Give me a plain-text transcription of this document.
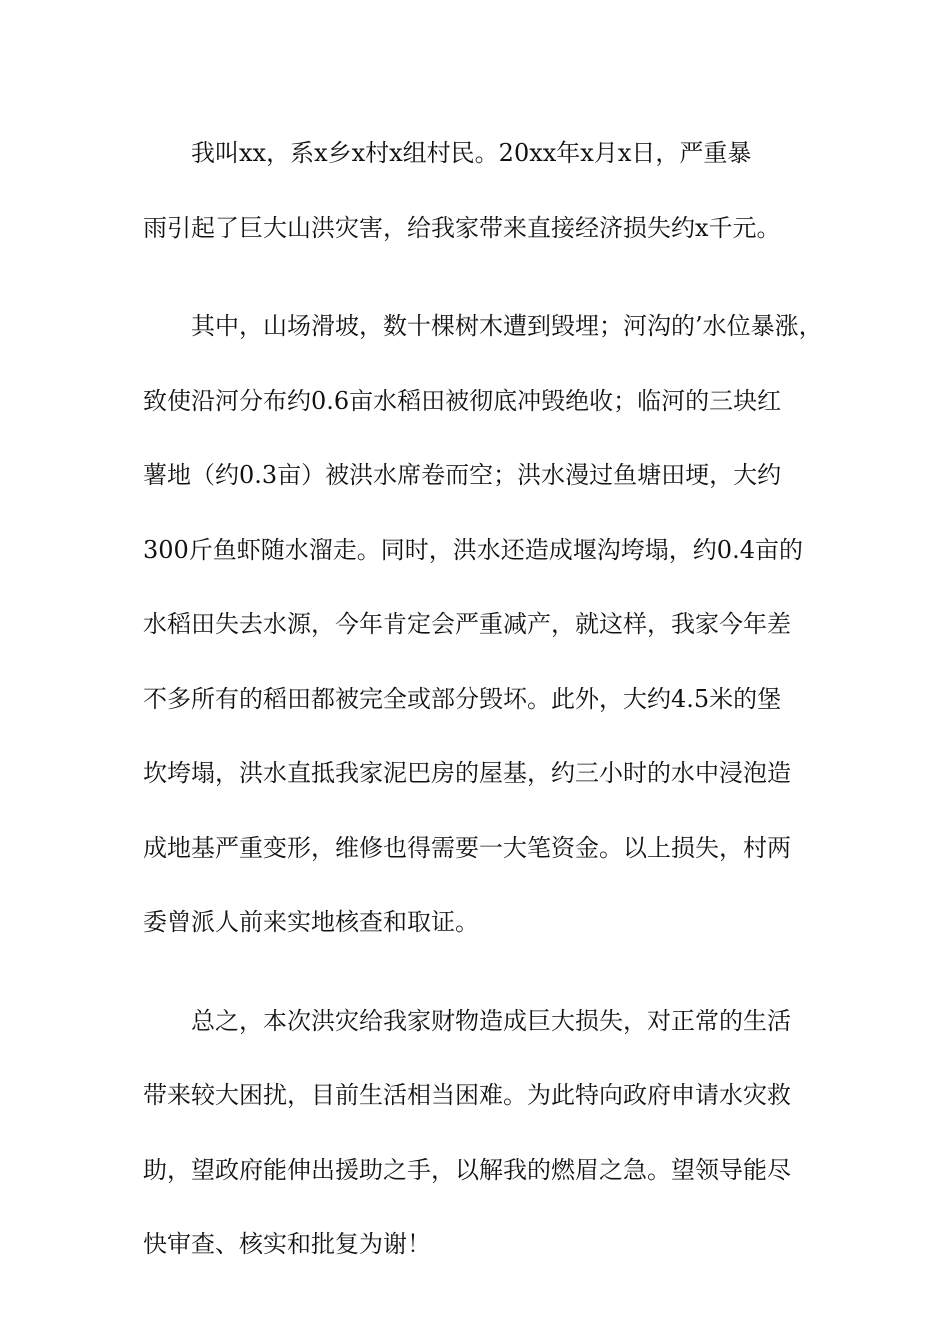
我叫xx，系x乡x村x组村民。20xx年x月x日，严重暴
雨引起了巨大山洪灾害，给我家带来直接经济损失约x千元。

其中，山场滑坡，数十棵树木遭到毁埋；河沟的’水位暴涨，
致使沿河分布约0.6亩水稻田被彻底冲毁绝收；临河的三块红
薯地（约0.3亩）被洪水席卷而空；洪水漫过鱼塘田埂，大约
300斤鱼虾随水溜走。同时，洪水还造成堰沟垮塌，约0.4亩的
水稻田失去水源，今年肯定会严重减产，就这样，我家今年差
不多所有的稻田都被完全或部分毁坏。此外，大约4.5米的堡
坎垮塌，洪水直抵我家泥巴房的屋基，约三小时的水中浸泡造
成地基严重变形，维修也得需要一大笔资金。以上损失，村两
委曾派人前来实地核查和取证。

总之，本次洪灾给我家财物造成巨大损失，对正常的生活
带来较大困扰，目前生活相当困难。为此特向政府申请水灾救
助，望政府能伸出援助之手，以解我的燃眉之急。望领导能尽
快审查、核实和批复为谢！
